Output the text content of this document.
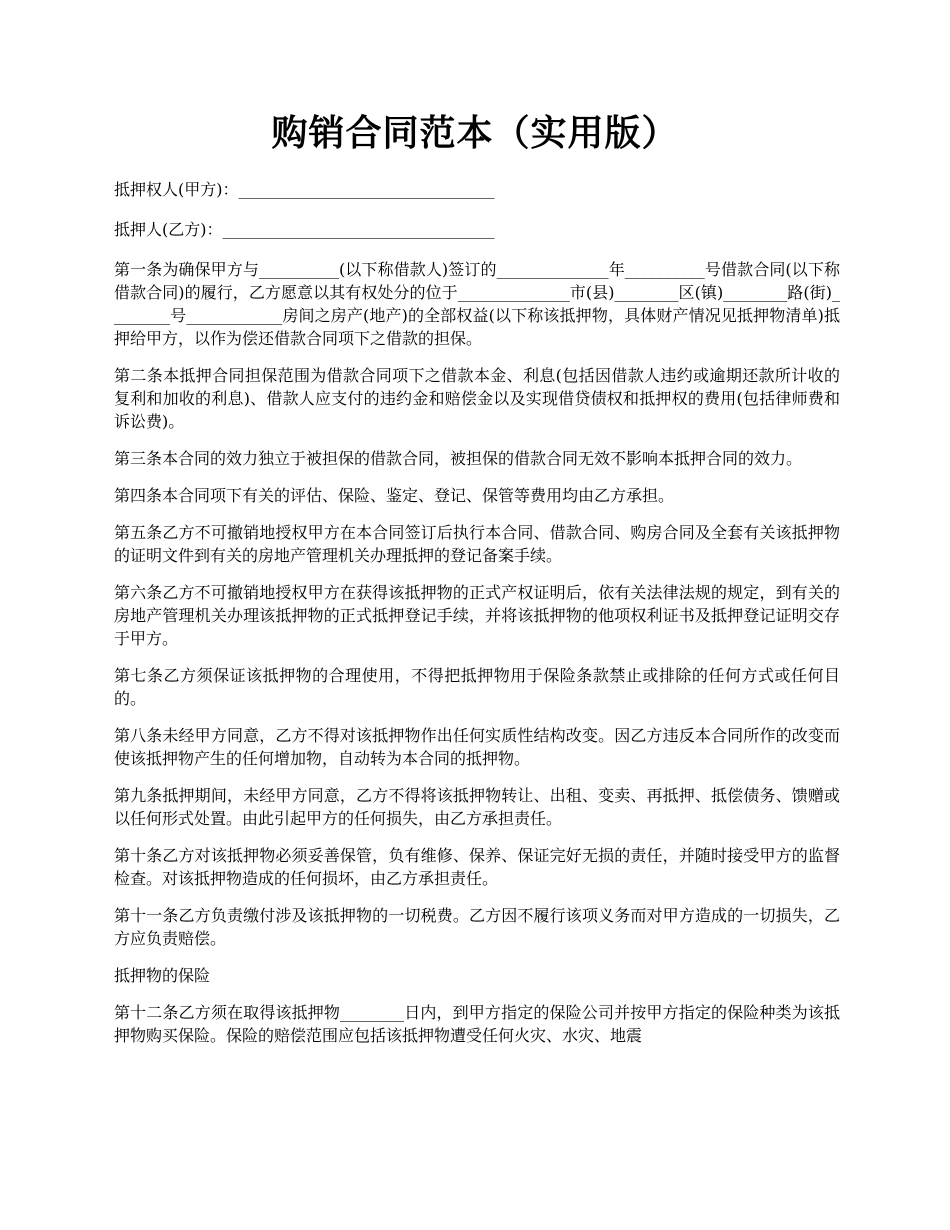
购销合同范本（实用版）

抵押权人(甲方)：________________________________

抵押人(乙方)：__________________________________

第一条为确保甲方与__________(以下称借款人)签订的______________年__________号借款合同(以下称借款合同)的履行，乙方愿意以其有权处分的位于______________市(县)________区(镇)________路(街)________号____________房间之房产(地产)的全部权益(以下称该抵押物，具体财产情况见抵押物清单)抵押给甲方，以作为偿还借款合同项下之借款的担保。

第二条本抵押合同担保范围为借款合同项下之借款本金、利息(包括因借款人违约或逾期还款所计收的复利和加收的利息)、借款人应支付的违约金和赔偿金以及实现借贷债权和抵押权的费用(包括律师费和诉讼费)。

第三条本合同的效力独立于被担保的借款合同，被担保的借款合同无效不影响本抵押合同的效力。

第四条本合同项下有关的评估、保险、鉴定、登记、保管等费用均由乙方承担。

第五条乙方不可撤销地授权甲方在本合同签订后执行本合同、借款合同、购房合同及全套有关该抵押物的证明文件到有关的房地产管理机关办理抵押的登记备案手续。

第六条乙方不可撤销地授权甲方在获得该抵押物的正式产权证明后，依有关法律法规的规定，到有关的房地产管理机关办理该抵押物的正式抵押登记手续，并将该抵押物的他项权利证书及抵押登记证明交存于甲方。

第七条乙方须保证该抵押物的合理使用，不得把抵押物用于保险条款禁止或排除的任何方式或任何目的。

第八条未经甲方同意，乙方不得对该抵押物作出任何实质性结构改变。因乙方违反本合同所作的改变而使该抵押物产生的任何增加物，自动转为本合同的抵押物。

第九条抵押期间，未经甲方同意，乙方不得将该抵押物转让、出租、变卖、再抵押、抵偿债务、馈赠或以任何形式处置。由此引起甲方的任何损失，由乙方承担责任。

第十条乙方对该抵押物必须妥善保管，负有维修、保养、保证完好无损的责任，并随时接受甲方的监督检查。对该抵押物造成的任何损坏，由乙方承担责任。

第十一条乙方负责缴付涉及该抵押物的一切税费。乙方因不履行该项义务而对甲方造成的一切损失，乙方应负责赔偿。

抵押物的保险

第十二条乙方须在取得该抵押物________日内，到甲方指定的保险公司并按甲方指定的保险种类为该抵押物购买保险。保险的赔偿范围应包括该抵押物遭受任何火灾、水灾、地震
